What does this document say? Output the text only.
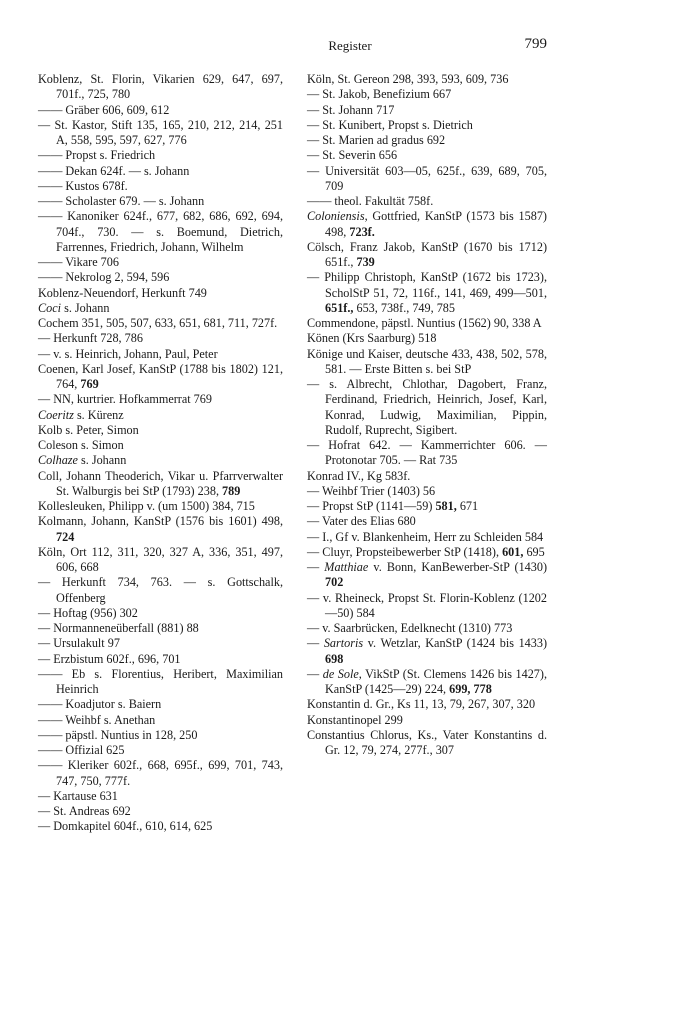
Register	799
Koblenz, St. Florin, Vikarien 629, 647, 697, 701f., 725, 780
—— Gräber 606, 609, 612
— St. Kastor, Stift 135, 165, 210, 212, 214, 251 A, 558, 595, 597, 627, 776
—— Propst s. Friedrich
—— Dekan 624f. — s. Johann
—— Kustos 678f.
—— Scholaster 679. — s. Johann
—— Kanoniker 624f., 677, 682, 686, 692, 694, 704f., 730. — s. Boemund, Dietrich, Farrennes, Friedrich, Johann, Wilhelm
—— Vikare 706
—— Nekrolog 2, 594, 596
Koblenz-Neuendorf, Herkunft 749
Coci s. Johann
Cochem 351, 505, 507, 633, 651, 681, 711, 727f.
— Herkunft 728, 786
— v. s. Heinrich, Johann, Paul, Peter
Coenen, Karl Josef, KanStP (1788 bis 1802) 121, 764, 769
— NN, kurtrier. Hofkammerrat 769
Coeritz s. Kürenz
Kolb s. Peter, Simon
Coleson s. Simon
Colhaze s. Johann
Coll, Johann Theoderich, Vikar u. Pfarrverwalter St. Walburgis bei StP (1793) 238, 789
Kollesleuken, Philipp v. (um 1500) 384, 715
Kolmann, Johann, KanStP (1576 bis 1601) 498, 724
Köln, Ort 112, 311, 320, 327 A, 336, 351, 497, 606, 668
— Herkunft 734, 763. — s. Gottschalk, Offenberg
— Hoftag (956) 302
— Normanneneüberfall (881) 88
— Ursulakult 97
— Erzbistum 602f., 696, 701
—— Eb s. Florentius, Heribert, Maximilian Heinrich
—— Koadjutor s. Baiern
—— Weihbf s. Anethan
—— päpstl. Nuntius in 128, 250
—— Offizial 625
—— Kleriker 602f., 668, 695f., 699, 701, 743, 747, 750, 777f.
— Kartause 631
— St. Andreas 692
— Domkapitel 604f., 610, 614, 625
Köln, St. Gereon 298, 393, 593, 609, 736
— St. Jakob, Benefizium 667
— St. Johann 717
— St. Kunibert, Propst s. Dietrich
— St. Marien ad gradus 692
— St. Severin 656
— Universität 603—05, 625f., 639, 689, 705, 709
—— theol. Fakultät 758f.
Coloniensis, Gottfried, KanStP (1573 bis 1587) 498, 723f.
Cölsch, Franz Jakob, KanStP (1670 bis 1712) 651f., 739
— Philipp Christoph, KanStP (1672 bis 1723), ScholStP 51, 72, 116f., 141, 469, 499—501, 651f., 653, 738f., 749, 785
Commendone, päpstl. Nuntius (1562) 90, 338 A
Könen (Krs Saarburg) 518
Könige und Kaiser, deutsche 433, 438, 502, 578, 581. — Erste Bitten s. bei StP
— s. Albrecht, Chlothar, Dagobert, Franz, Ferdinand, Friedrich, Heinrich, Josef, Karl, Konrad, Ludwig, Maximilian, Pippin, Rudolf, Ruprecht, Sigibert.
— Hofrat 642. — Kammerrichter 606. — Protonotar 705. — Rat 735
Konrad IV., Kg 583f.
— Weihbf Trier (1403) 56
— Propst StP (1141—59) 581, 671
— Vater des Elias 680
— I., Gf v. Blankenheim, Herr zu Schleiden 584
— Cluyr, Propsteibewerber StP (1418), 601, 695
— Matthiae v. Bonn, KanBewerber-StP (1430) 702
— v. Rheineck, Propst St. Florin-Koblenz (1202—50) 584
— v. Saarbrücken, Edelknecht (1310) 773
— Sartoris v. Wetzlar, KanStP (1424 bis 1433) 698
— de Sole, VikStP (St. Clemens 1426 bis 1427), KanStP (1425—29) 224, 699, 778
Konstantin d. Gr., Ks 11, 13, 79, 267, 307, 320
Konstantinopel 299
Constantius Chlorus, Ks., Vater Konstantins d. Gr. 12, 79, 274, 277f., 307
